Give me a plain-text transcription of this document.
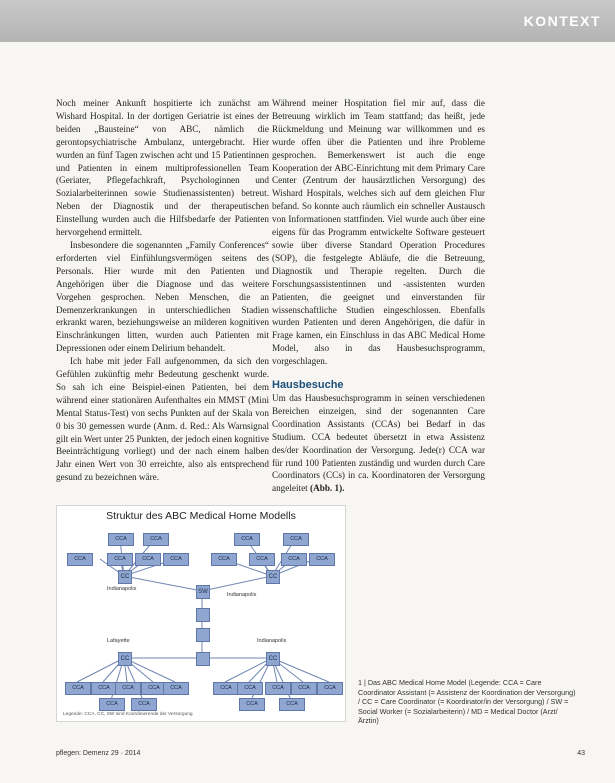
KONTEXT

Noch meiner Ankunft hospitierte ich zunächst am Wishard Hospital. In der dortigen Geriatrie ist eines der beiden „Bausteine“ von ABC, nämlich die gerontopsychiatrische Ambulanz, untergebracht. Hier wurden an fünf Tagen zwischen acht und 15 Patientinnen und Patienten in einem multiprofessionellen Team (Geriater, Pflegefachkraft, Psychologinnen und Sozialarbeiterinnen sowie Studienassistenten) betreut. Neben der Diagnostik und der therapeutischen Einstellung wurden auch die Hilfsbedarfe der Patienten hervorgehend ermittelt.

Insbesondere die sogenannten „Family Conferences“ erforderten viel Einfühlungsvermögen seitens des Personals. Hier wurde mit den Patienten und Angehörigen über die Diagnose und das weitere Vorgehen gesprochen. Neben Menschen, die an Demenzerkrankungen in unterschiedlichen Stadien erkrankt waren, beziehungsweise an milderen kognitiven Einschränkungen litten, wurden auch Patienten mit Depressionen oder einem Delirium behandelt.

Ich habe mit jeder Fall aufgenommen, da sich den Gefühlen zukünftig mehr Bedeutung geschenkt wurde. So sah ich eine Beispiel-einen Patienten, bei dem während einer stationären Aufenthaltes ein MMST (Mini Mental Status-Test) von sechs Punkten auf der Skala von 0 bis 30 gemessen wurde (Anm. d. Red.: Als Warnsignal gilt ein Wert unter 25 Punkten, der jedoch einen kognitive Beeinträchtigung vorliegt) und der nach einem halben Jahr einen Wert von 30 erreichte, also als entsprechend gesund zu bezeichnen wäre.

Während meiner Hospitation fiel mir auf, dass die Betreuung wirklich im Team stattfand; das heißt, jede Rückmeldung und Meinung war willkommen und es wurde offen über die Patienten und ihre Probleme gesprochen. Bemerkenswert ist auch die enge Kooperation der ABC-Einrichtung mit dem Primary Care Center (Zentrum der hausärztlichen Versorgung) des Wishard Hospitals, welches sich auf dem gleichen Flur befand. So konnte auch räumlich ein schneller Austausch von Informationen stattfinden. Viel wurde auch über eine eigens für das Programm entwickelte Software gesteuert sowie über diverse Standard Operation Procedures (SOP), die festgelegte Abläufe, die die Betreuung, Diagnostik und Therapie regelten. Durch die Forschungsassistentinnen und -assistenten wurden Patienten, die geeignet und einverstanden für wissenschaftliche Studien eingeschlossen. Ebenfalls wurden Patienten und deren Angehörigen, die dafür in Frage kamen, ein Einschluss in das ABC Medical Home Model, also in das Hausbesuchsprogramm, vorgeschlagen.

Hausbesuche

Um das Hausbesuchsprogramm in seinen verschiedenen Bereichen einzeigen, sind der sogenannten Care Coordination Assistants (CCAs) bei Bedarf in das Studium. CCA bedeutet übersetzt in etwa Assistenz des/der Koordination der Versorgung. Jede(r) CCA war für rund 100 Patienten zuständig und wurden durch Care Coordinators (CCs) in ca. Koordinatoren der Versorgung angeleitet (Abb. 1).

Struktur des ABC Medical Home Modells
CCA	CCA	CCA	CCA
CCA	CCA	CCA	CCA	CCA	CCA	CCA	CCA
CC	CC
Indianapolis
Indianapolis
SW
Lafayette	Indianapolis
CC	CC
CCA	CCA	CCA	CCA	CCA	CCA	CCA	CCA	CCA	CCA
CCA	CCA	CCA	CCA
Legende: CCA, CC, SW sind Koordinierende der Versorgung
1 | Das ABC Medical Home Model (Legende: CCA = Care Coordinator Assistant (= Assistenz der Koordination der Versorgung) / CC = Care Coordinator (= Koordinator/in der Versorgung) / SW = Social Worker (= Sozialarbeiterin) / MD = Medical Doctor (Arzt/Ärztin)
pflegen: Demenz 29 · 2014	43
